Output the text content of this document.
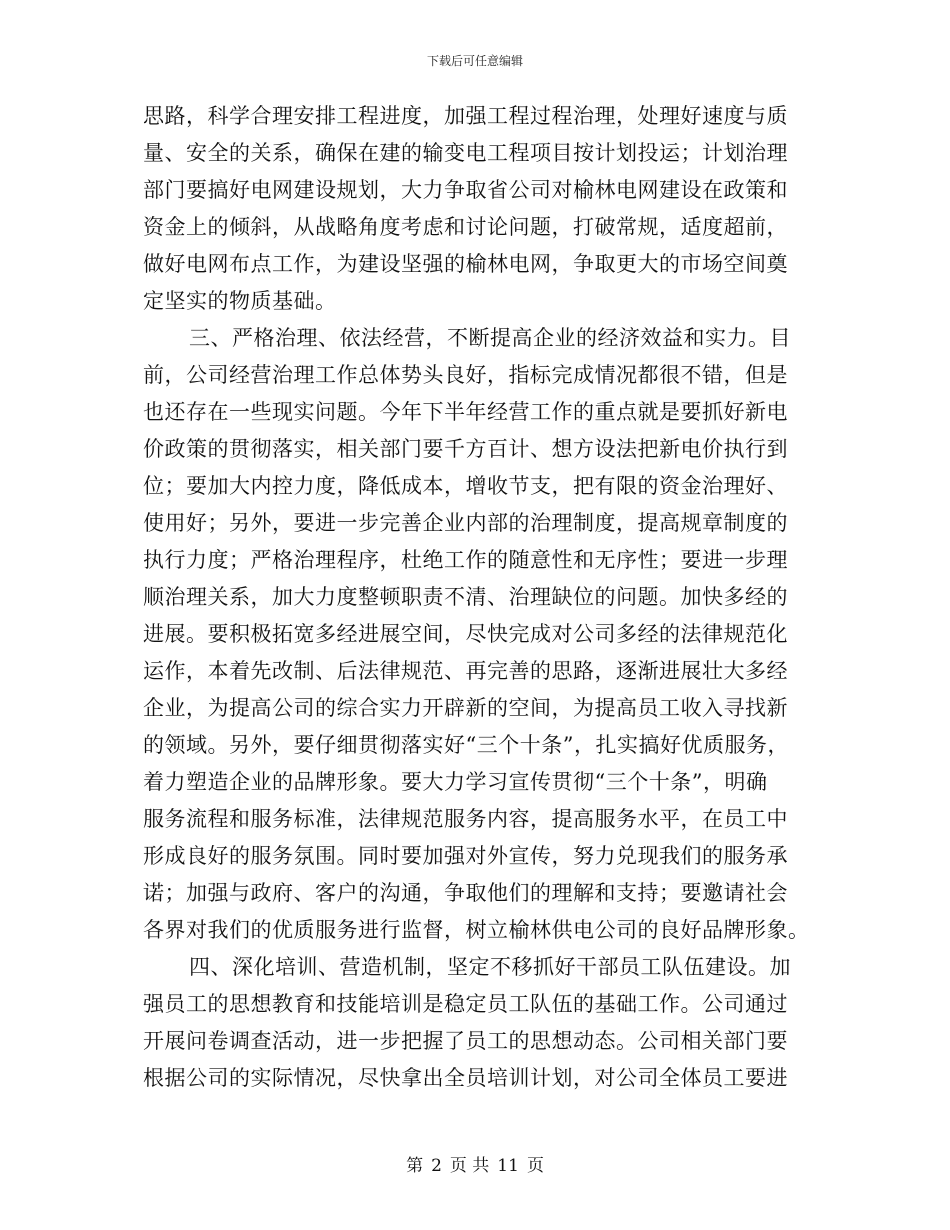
下载后可任意编辑
思路，科学合理安排工程进度，加强工程过程治理，处理好速度与质
量、安全的关系，确保在建的输变电工程项目按计划投运；计划治理
部门要搞好电网建设规划，大力争取省公司对榆林电网建设在政策和
资金上的倾斜，从战略角度考虑和讨论问题，打破常规，适度超前，
做好电网布点工作，为建设坚强的榆林电网，争取更大的市场空间奠
定坚实的物质基础。
三、严格治理、依法经营，不断提高企业的经济效益和实力。目
前，公司经营治理工作总体势头良好，指标完成情况都很不错，但是
也还存在一些现实问题。今年下半年经营工作的重点就是要抓好新电
价政策的贯彻落实，相关部门要千方百计、想方设法把新电价执行到
位；要加大内控力度，降低成本，增收节支，把有限的资金治理好、
使用好；另外，要进一步完善企业内部的治理制度，提高规章制度的
执行力度；严格治理程序，杜绝工作的随意性和无序性；要进一步理
顺治理关系，加大力度整顿职责不清、治理缺位的问题。加快多经的
进展。要积极拓宽多经进展空间，尽快完成对公司多经的法律规范化
运作，本着先改制、后法律规范、再完善的思路，逐渐进展壮大多经
企业，为提高公司的综合实力开辟新的空间，为提高员工收入寻找新
的领域。另外，要仔细贯彻落实好“三个十条”，扎实搞好优质服务，
着力塑造企业的品牌形象。要大力学习宣传贯彻“三个十条”，明确
服务流程和服务标准，法律规范服务内容，提高服务水平，在员工中
形成良好的服务氛围。同时要加强对外宣传，努力兑现我们的服务承
诺；加强与政府、客户的沟通，争取他们的理解和支持；要邀请社会
各界对我们的优质服务进行监督，树立榆林供电公司的良好品牌形象。
四、深化培训、营造机制，坚定不移抓好干部员工队伍建设。加
强员工的思想教育和技能培训是稳定员工队伍的基础工作。公司通过
开展问卷调查活动，进一步把握了员工的思想动态。公司相关部门要
根据公司的实际情况，尽快拿出全员培训计划，对公司全体员工要进
第 2 页 共 11 页
